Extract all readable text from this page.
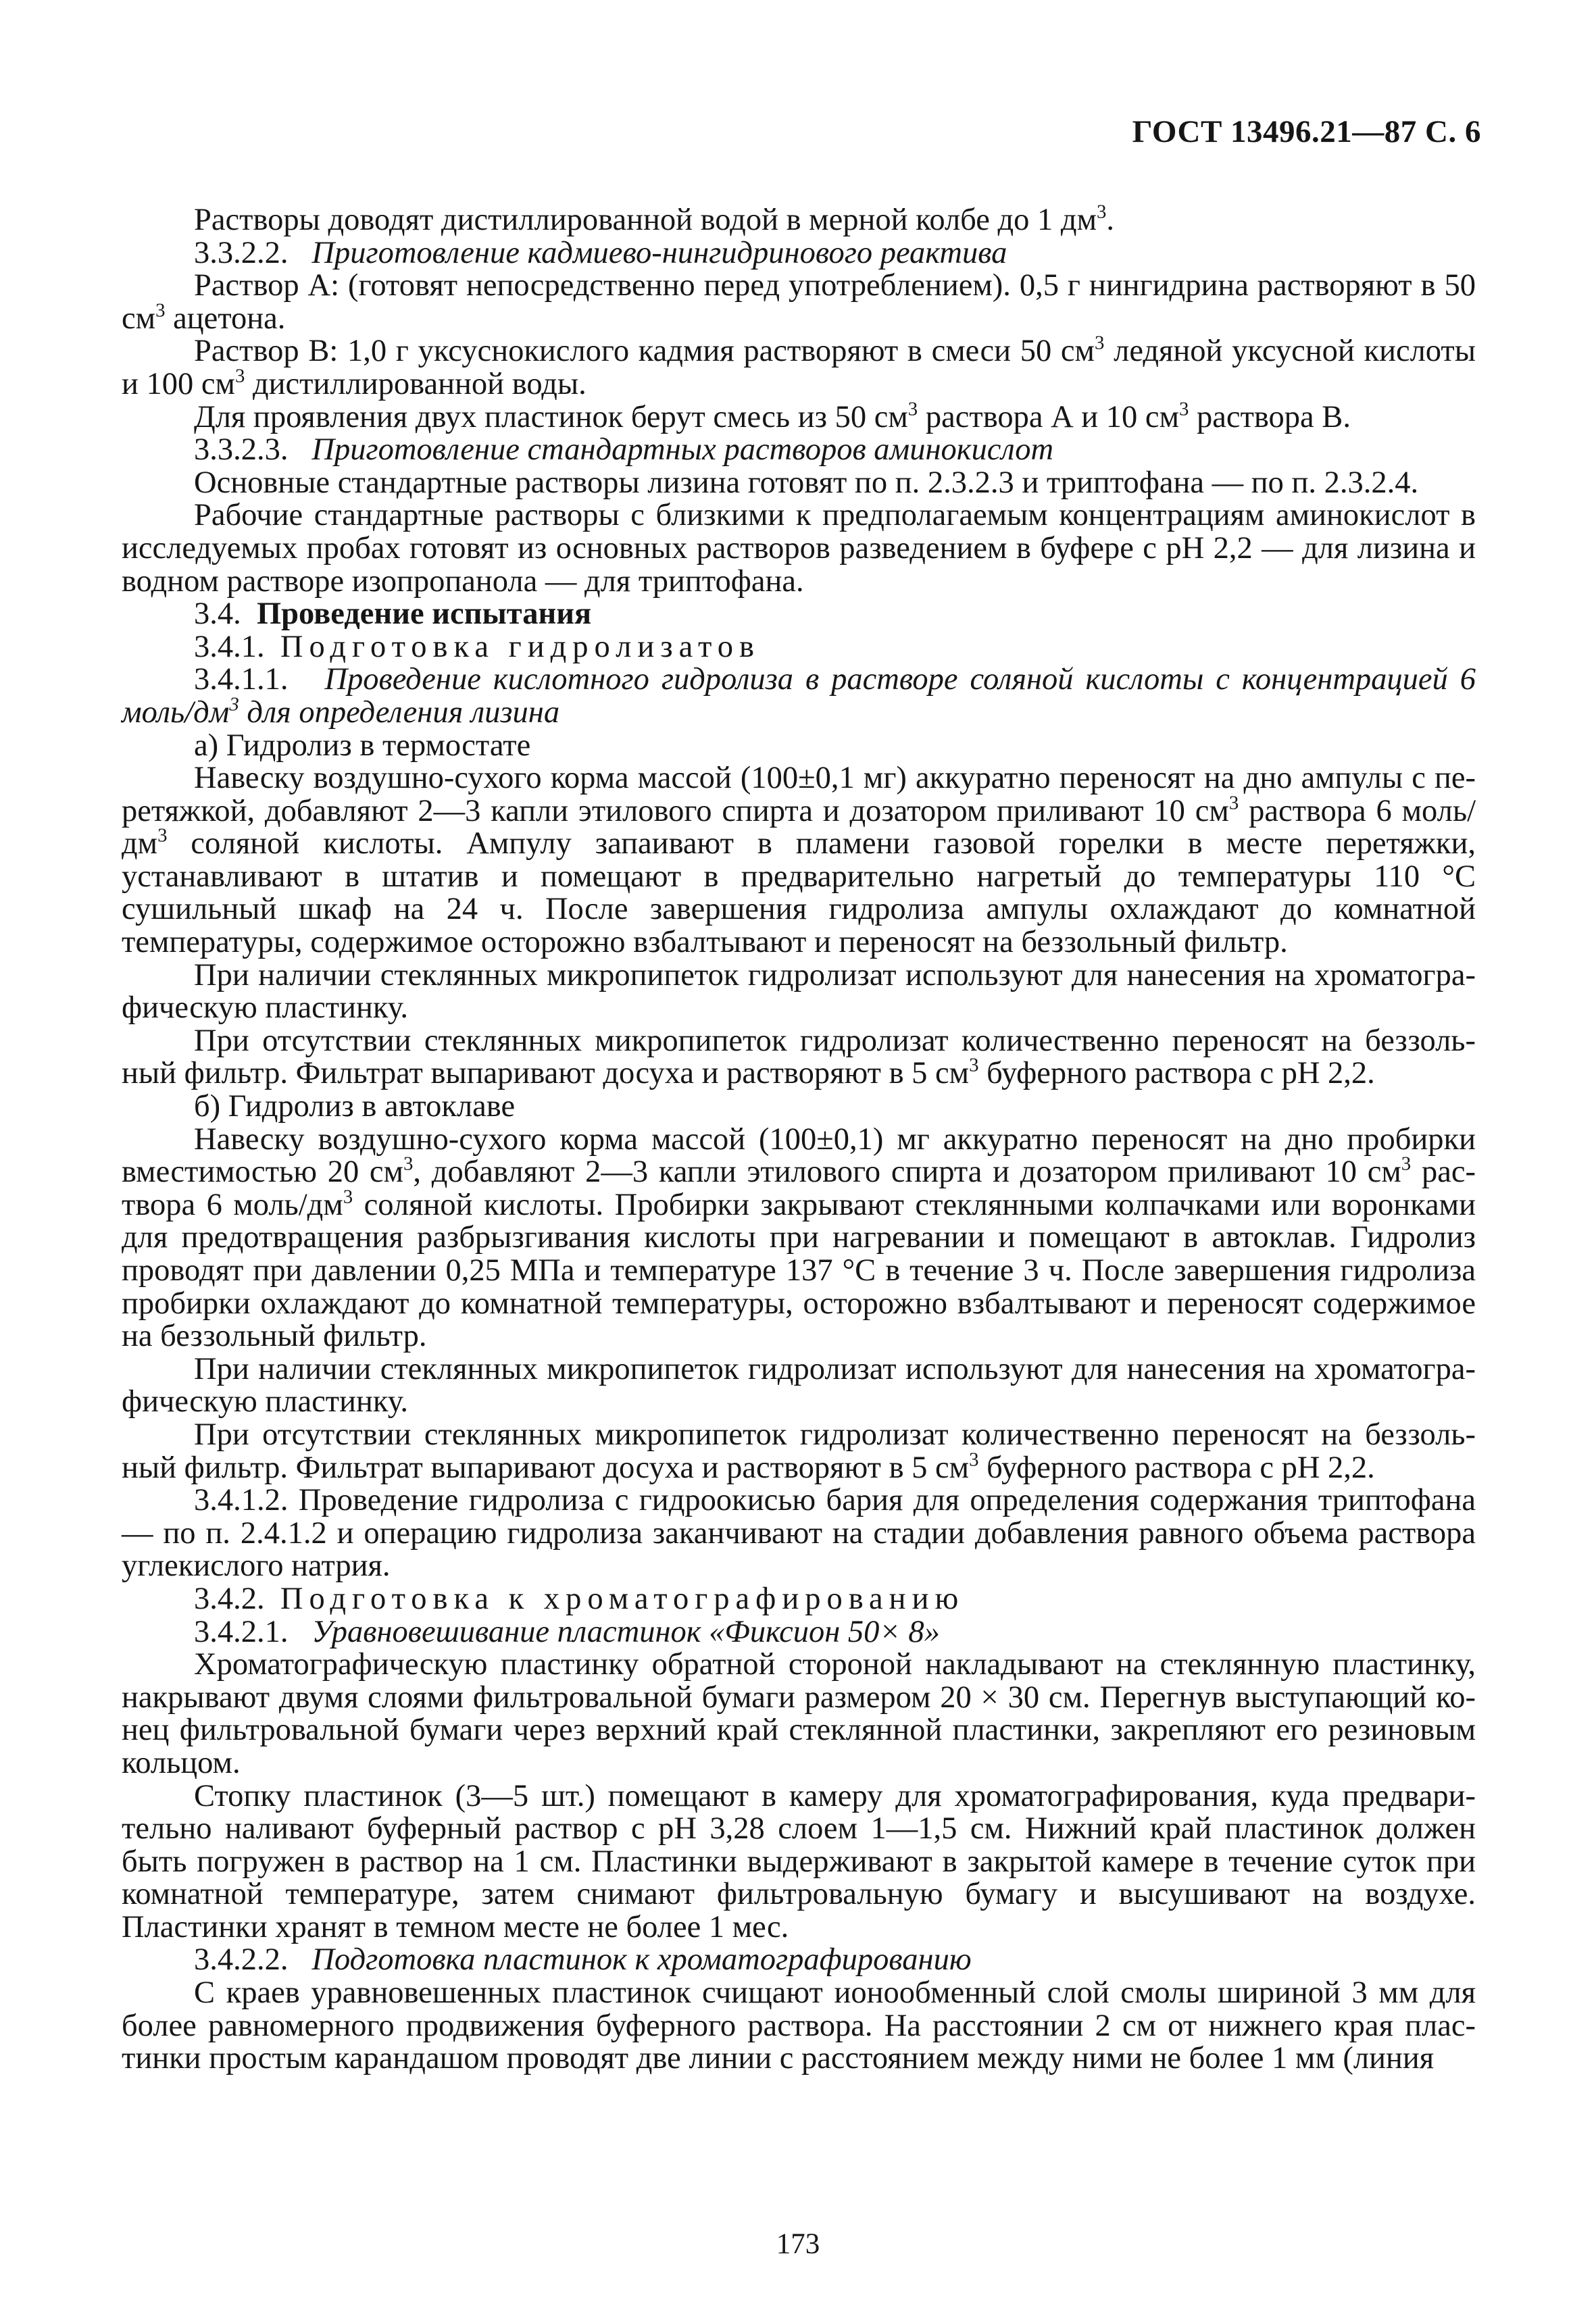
ГОСТ 13496.21—87 С. 6

Растворы доводят дистиллированной водой в мерной колбе до 1 $дм^3$.

3.3.2.2. Приготовление кадмиево-нингидринового реактива

Раствор А: (готовят непосредственно перед употреблением). 0,5 г нингидрина растворяют в 50 $см^3$ ацетона.

Раствор В: 1,0 г уксуснокислого кадмия растворяют в смеси 50 $см^3$ ледяной уксусной кислоты и 100 $см^3$ дистиллированной воды.

Для проявления двух пластинок берут смесь из 50 $см^3$ раствора А и 10 $см^3$ раствора В.

3.3.2.3. Приготовление стандартных растворов аминокислот

Основные стандартные растворы лизина готовят по п. 2.3.2.3 и триптофана — по п. 2.3.2.4.

Рабочие стандартные растворы с близкими к предполагаемым концентрациям аминокислот в исследуемых пробах готовят из основных растворов разведением в буфере с рН 2,2 — для лизина и водном растворе изопропанола — для триптофана.

3.4. Проведение испытания

3.4.1. Подготовка гидролизатов

3.4.1.1. Проведение кислотного гидролиза в растворе соляной кислоты с концентрацией 6 моль/$дм^3$ для определения лизина

а) Гидролиз в термостате

Навеску воздушно-сухого корма массой (100±0,1 мг) аккуратно переносят на дно ампулы с перетяжкой, добавляют 2—3 капли этилового спирта и дозатором приливают 10 $см^3$ раствора 6 моль/$дм^3$ соляной кислоты. Ампулу запаивают в пламени газовой горелки в месте перетяжки, устанавливают в штатив и помещают в предварительно нагретый до температуры 110 °С сушильный шкаф на 24 ч. После завершения гидролиза ампулы охлаждают до комнатной температуры, содержимое осторожно взбалтывают и переносят на беззольный фильтр.

При наличии стеклянных микропипеток гидролизат используют для нанесения на хроматографическую пластинку.

При отсутствии стеклянных микропипеток гидролизат количественно переносят на беззольный фильтр. Фильтрат выпаривают досуха и растворяют в 5 $см^3$ буферного раствора с рН 2,2.

б) Гидролиз в автоклаве

Навеску воздушно-сухого корма массой (100±0,1) мг аккуратно переносят на дно пробирки вместимостью 20 $см^3$, добавляют 2—3 капли этилового спирта и дозатором приливают 10 $см^3$ раствора 6 моль/$дм^3$ соляной кислоты. Пробирки закрывают стеклянными колпачками или воронками для предотвращения разбрызгивания кислоты при нагревании и помещают в автоклав. Гидролиз проводят при давлении 0,25 МПа и температуре 137 °С в течение 3 ч. После завершения гидролиза пробирки охлаждают до комнатной температуры, осторожно взбалтывают и переносят содержимое на беззольный фильтр.

При наличии стеклянных микропипеток гидролизат используют для нанесения на хроматографическую пластинку.

При отсутствии стеклянных микропипеток гидролизат количественно переносят на беззольный фильтр. Фильтрат выпаривают досуха и растворяют в 5 $см^3$ буферного раствора с рН 2,2.

3.4.1.2. Проведение гидролиза с гидроокисью бария для определения содержания триптофана — по п. 2.4.1.2 и операцию гидролиза заканчивают на стадии добавления равного объема раствора углекислого натрия.

3.4.2. Подготовка к хроматографированию

3.4.2.1. Уравновешивание пластинок «Фиксион 50× 8»

Хроматографическую пластинку обратной стороной накладывают на стеклянную пластинку, накрывают двумя слоями фильтровальной бумаги размером 20 × 30 см. Перегнув выступающий конец фильтровальной бумаги через верхний край стеклянной пластинки, закрепляют его резиновым кольцом.

Стопку пластинок (3—5 шт.) помещают в камеру для хроматографирования, куда предварительно наливают буферный раствор с рН 3,28 слоем 1—1,5 см. Нижний край пластинок должен быть погружен в раствор на 1 см. Пластинки выдерживают в закрытой камере в течение суток при комнатной температуре, затем снимают фильтровальную бумагу и высушивают на воздухе. Пластинки хранят в темном месте не более 1 мес.

3.4.2.2. Подготовка пластинок к хроматографированию

С краев уравновешенных пластинок счищают ионообменный слой смолы шириной 3 мм для более равномерного продвижения буферного раствора. На расстоянии 2 см от нижнего края пластинки простым карандашом проводят две линии с расстоянием между ними не более 1 мм (линия

173
